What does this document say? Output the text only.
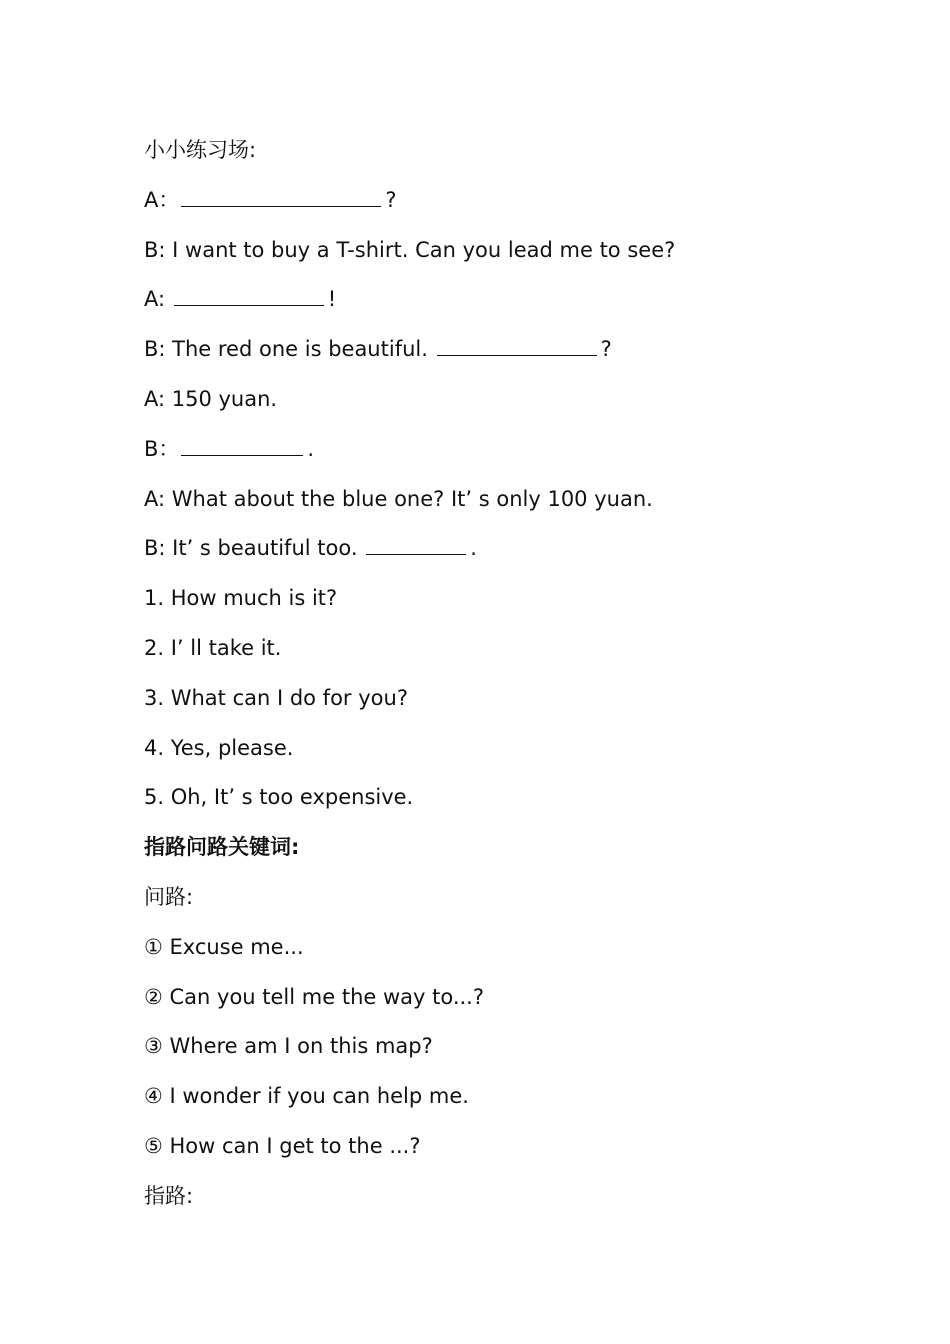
小小练习场:
A：	?
B: I want to buy a T-shirt. Can you lead me to see?
A:	!
B: The red one is beautiful.	?
A: 150 yuan.
B：	.
A: What about the blue one? It’ s only 100 yuan.
B: It’ s beautiful too.	.
1. How much is it?
2. I’ ll take it.
3. What can I do for you?
4. Yes, please.
5. Oh, It’ s too expensive.
指路问路关键词:
问路:
① Excuse me...
② Can you tell me the way to...?
③ Where am I on this map?
④ I wonder if you can help me.
⑤ How can I get to the ...?
指路:
